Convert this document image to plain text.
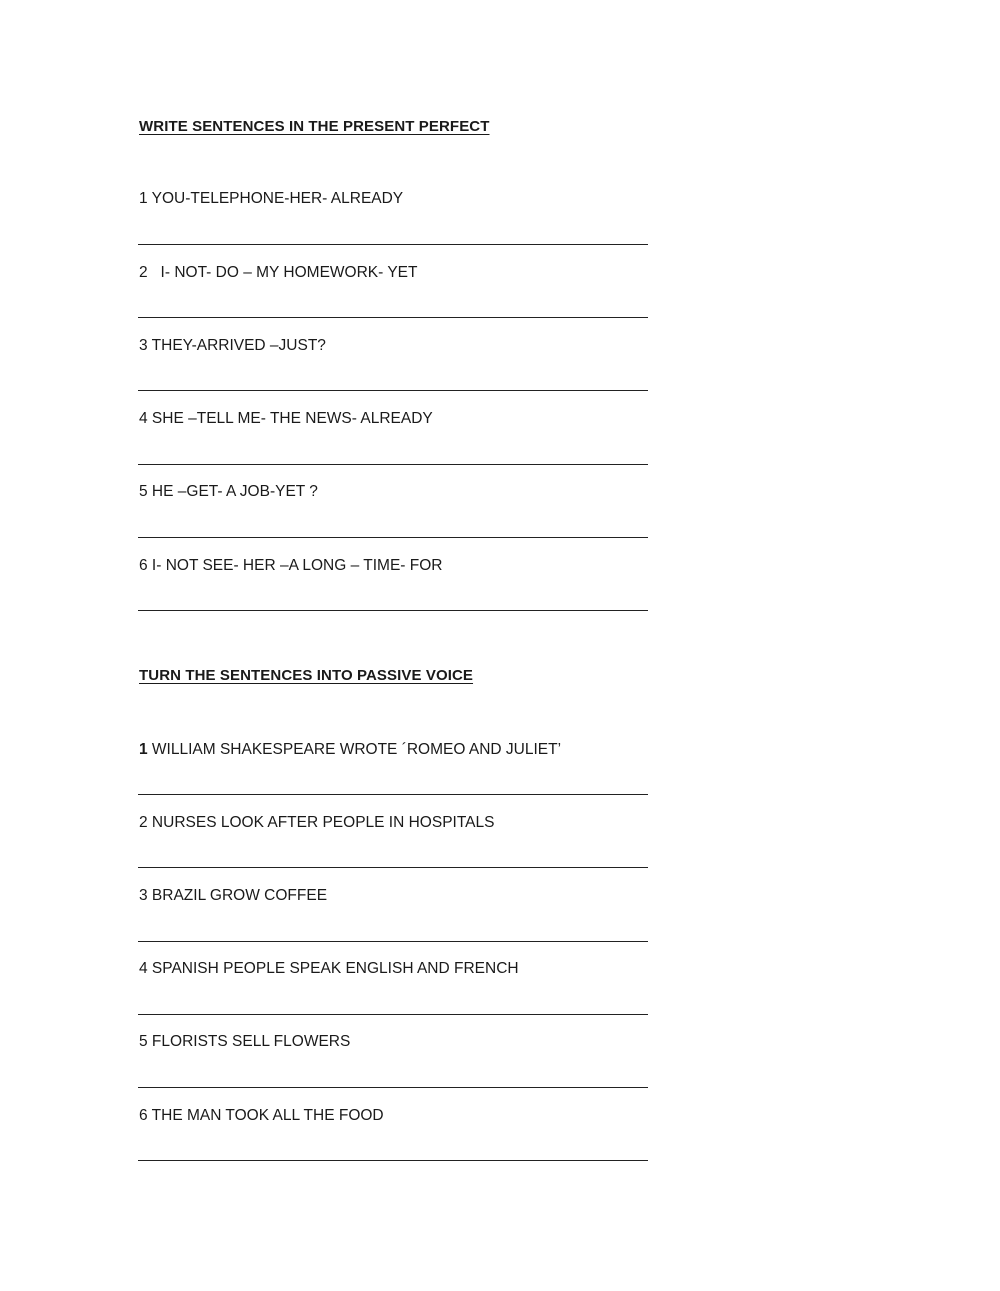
WRITE SENTENCES IN THE PRESENT PERFECT
1 YOU-TELEPHONE-HER- ALREADY
2   I- NOT- DO – MY HOMEWORK- YET
3 THEY-ARRIVED –JUST?
4 SHE –TELL ME- THE NEWS- ALREADY
5 HE –GET- A JOB-YET ?
6 I- NOT SEE- HER –A LONG – TIME- FOR
TURN THE SENTENCES INTO PASSIVE VOICE
1 WILLIAM SHAKESPEARE WROTE ´ROMEO AND JULIET’
2 NURSES LOOK AFTER PEOPLE IN HOSPITALS
3 BRAZIL GROW COFFEE
4 SPANISH PEOPLE SPEAK ENGLISH AND FRENCH
5 FLORISTS SELL FLOWERS
6 THE MAN TOOK ALL THE FOOD
